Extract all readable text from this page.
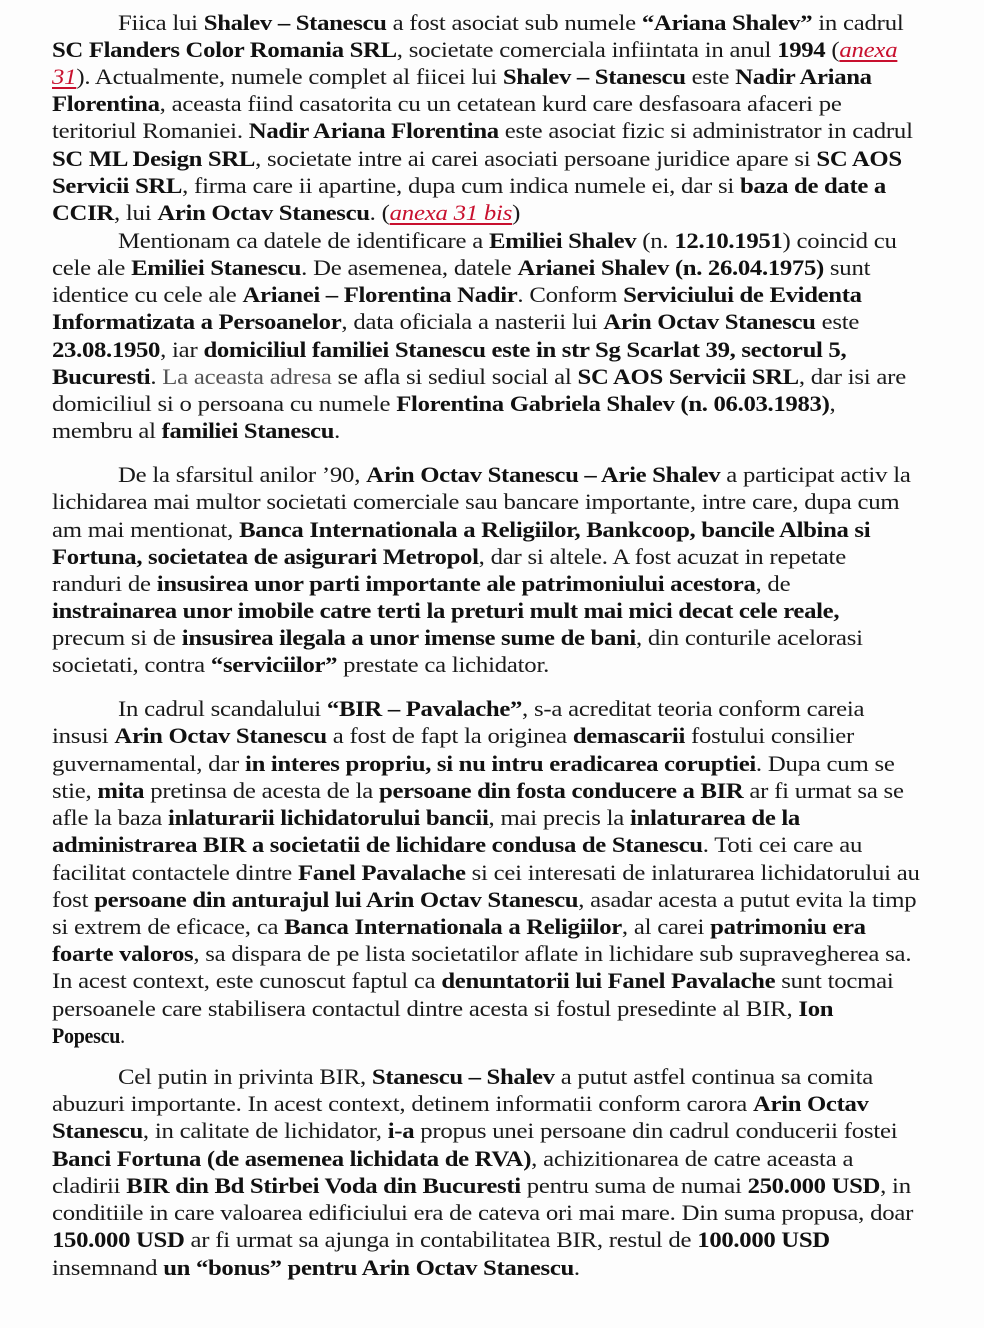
Fiica lui Shalev – Stanescu a fost asociat sub numele “Ariana Shalev” in cadrul
SC Flanders Color Romania SRL, societate comerciala infiintata in anul 1994 (anexa
31). Actualmente, numele complet al fiicei lui Shalev – Stanescu este Nadir Ariana
Florentina, aceasta fiind casatorita cu un cetatean kurd care desfasoara afaceri pe
teritoriul Romaniei. Nadir Ariana Florentina este asociat fizic si administrator in cadrul
SC ML Design SRL, societate intre ai carei asociati persoane juridice apare si SC AOS
Servicii SRL, firma care ii apartine, dupa cum indica numele ei, dar si baza de date a
CCIR, lui Arin Octav Stanescu. (anexa 31 bis)
Mentionam ca datele de identificare a Emiliei Shalev (n. 12.10.1951) coincid cu
cele ale Emiliei Stanescu. De asemenea, datele Arianei Shalev (n. 26.04.1975) sunt
identice cu cele ale Arianei – Florentina Nadir. Conform Serviciului de Evidenta
Informatizata a Persoanelor, data oficiala a nasterii lui Arin Octav Stanescu este
23.08.1950, iar domiciliul familiei Stanescu este in str Sg Scarlat 39, sectorul 5,
Bucuresti. La aceasta adresa se afla si sediul social al SC AOS Servicii SRL, dar isi are
domiciliul si o persoana cu numele Florentina Gabriela Shalev (n. 06.03.1983),
membru al familiei Stanescu.
De la sfarsitul anilor ’90, Arin Octav Stanescu – Arie Shalev a participat activ la
lichidarea mai multor societati comerciale sau bancare importante, intre care, dupa cum
am mai mentionat, Banca Internationala a Religiilor, Bankcoop, bancile Albina si
Fortuna, societatea de asigurari Metropol, dar si altele. A fost acuzat in repetate
randuri de insusirea unor parti importante ale patrimoniului acestora, de
instrainarea unor imobile catre terti la preturi mult mai mici decat cele reale,
precum si de insusirea ilegala a unor imense sume de bani, din conturile acelorasi
societati, contra “serviciilor” prestate ca lichidator.
In cadrul scandalului “BIR – Pavalache”, s-a acreditat teoria conform careia
insusi Arin Octav Stanescu a fost de fapt la originea demascarii fostului consilier
guvernamental, dar in interes propriu, si nu intru eradicarea coruptiei. Dupa cum se
stie, mita pretinsa de acesta de la persoane din fosta conducere a BIR ar fi urmat sa se
afle la baza inlaturarii lichidatorului bancii, mai precis la inlaturarea de la
administrarea BIR a societatii de lichidare condusa de Stanescu. Toti cei care au
facilitat contactele dintre Fanel Pavalache si cei interesati de inlaturarea lichidatorului au
fost persoane din anturajul lui Arin Octav Stanescu, asadar acesta a putut evita la timp
si extrem de eficace, ca Banca Internationala a Religiilor, al carei patrimoniu era
foarte valoros, sa dispara de pe lista societatilor aflate in lichidare sub supravegherea sa.
In acest context, este cunoscut faptul ca denuntatorii lui Fanel Pavalache sunt tocmai
persoanele care stabilisera contactul dintre acesta si fostul presedinte al BIR, Ion
Popescu.
Cel putin in privinta BIR, Stanescu – Shalev a putut astfel continua sa comita
abuzuri importante. In acest context, detinem informatii conform carora Arin Octav
Stanescu, in calitate de lichidator, i-a propus unei persoane din cadrul conducerii fostei
Banci Fortuna (de asemenea lichidata de RVA), achizitionarea de catre aceasta a
cladirii BIR din Bd Stirbei Voda din Bucuresti pentru suma de numai 250.000 USD, in
conditiile in care valoarea edificiului era de cateva ori mai mare. Din suma propusa, doar
150.000 USD ar fi urmat sa ajunga in contabilitatea BIR, restul de 100.000 USD
insemnand un “bonus” pentru Arin Octav Stanescu.
